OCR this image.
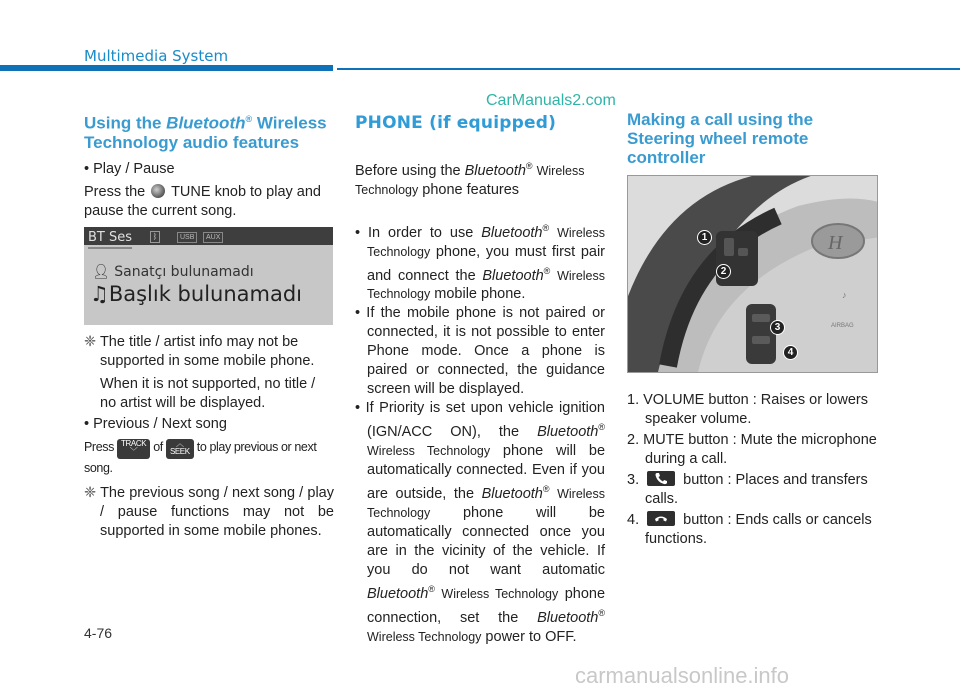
Multimedia System
CarManuals2.com
Using the Bluetooth® Wireless Technology audio features

• Play / Pause

Press the TUNE knob to play and pause the current song.

BT Ses	ᛒ	USB	AUX
👤︎ Sanatçı bulunamadı
♫Başlık bulunamadı

❈ The title / artist info may not be supported in some mobile phone.

When it is not supported, no title / no artist will be displayed.

• Previous / Next song

Press TRACK
﹀	of	︿
SEEK to play previous or next song.

❈ The previous song / next song / play / pause functions may not be supported in some mobile phones.

PHONE (if equipped)

Before using the Bluetooth® Wireless Technology phone features

• In order to use Bluetooth® Wireless Technology phone, you must first pair and connect the Bluetooth® Wireless Technology mobile phone.

• If the mobile phone is not paired or connected, it is not possible to enter Phone mode. Once a phone is paired or connected, the guidance screen will be displayed.

• If Priority is set upon vehicle ignition (IGN/ACC ON), the Bluetooth® Wireless Technology phone will be automatically connected. Even if you are outside, the Bluetooth® Wireless Technology phone will be automatically connected once you are in the vicinity of the vehicle. If you do not want automatic Bluetooth® Wireless Technology phone connection, set the Bluetooth® Wireless Technology power to OFF.

Making a call using the Steering wheel remote controller
H
♪
AIRBAG
1
2
3
4

1. VOLUME button : Raises or lowers speaker volume.

2. MUTE button : Mute the microphone during a call.

3.	button : Places and transfers calls.

4.	button : Ends calls or cancels functions.

4-76
carmanualsonline.info
